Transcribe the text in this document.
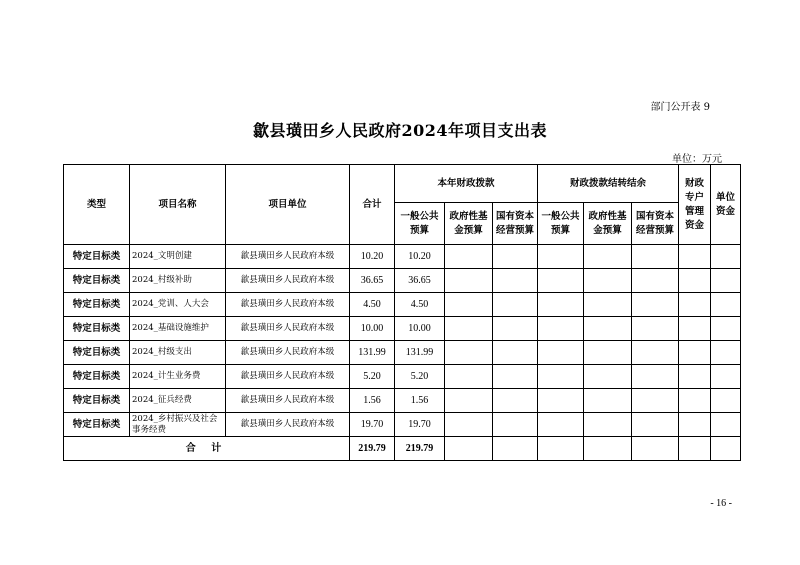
部门公开表 9
歙县璜田乡人民政府2024年项目支出表
单位：万元
类型	项目名称	项目单位	合计	本年财政拨款			财政拨款结转结余			财政专户管理资金	单位资金
				一般公共预算	政府性基金预算	国有资本经营预算	一般公共预算	政府性基金预算	国有资本经营预算		
特定目标类	2024_文明创建	歙县璜田乡人民政府本级	10.20	10.20							
特定目标类	2024_村级补助	歙县璜田乡人民政府本级	36.65	36.65							
特定目标类	2024_党训、人大会	歙县璜田乡人民政府本级	4.50	4.50							
特定目标类	2024_基础设施维护	歙县璜田乡人民政府本级	10.00	10.00							
特定目标类	2024_村级支出	歙县璜田乡人民政府本级	131.99	131.99							
特定目标类	2024_计生业务费	歙县璜田乡人民政府本级	5.20	5.20							
特定目标类	2024_征兵经费	歙县璜田乡人民政府本级	1.56	1.56							
特定目标类	2024_乡村振兴及社会事务经费	歙县璜田乡人民政府本级	19.70	19.70							
合 计			219.79	219.79							
- 16 -
